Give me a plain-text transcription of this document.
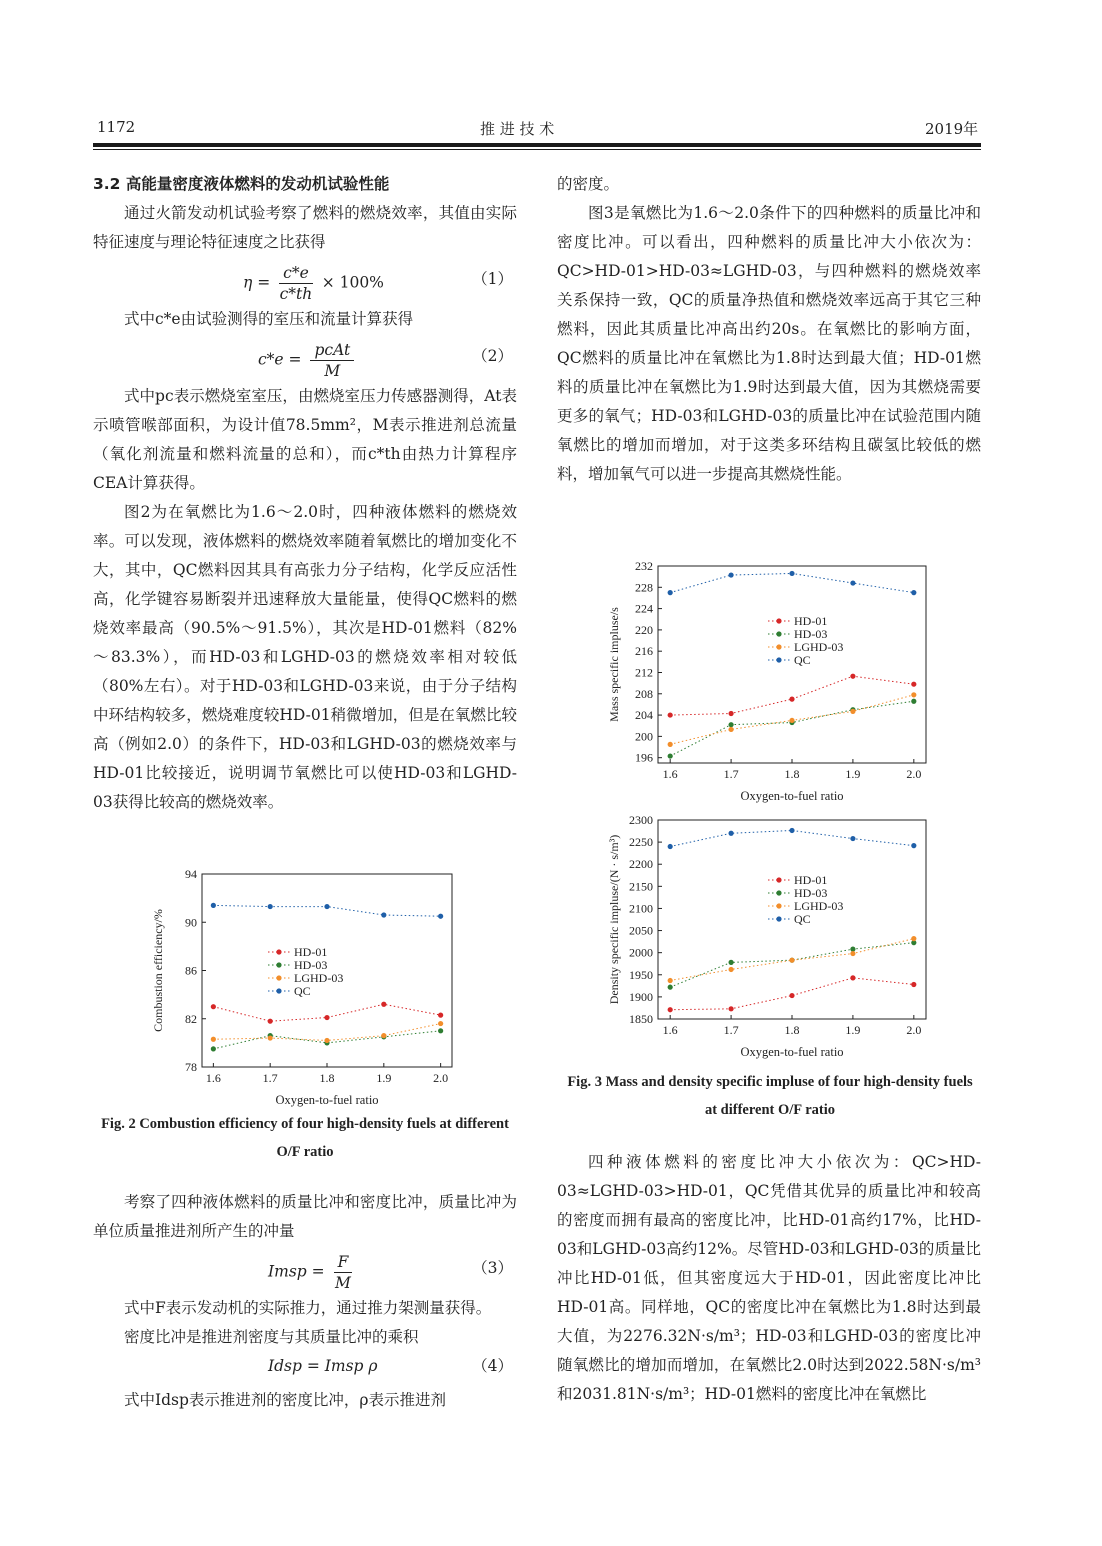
1172	推 进 技 术	2019年

3.2 高能量密度液体燃料的发动机试验性能

通过火箭发动机试验考察了燃料的燃烧效率，其值由实际特征速度与理论特征速度之比获得

$\eta = \frac{c*e}{c*th} \times 100\%$	（1）

式中c*e由试验测得的室压和流量计算获得

$c*e = \frac{\text{pcAt}}{M}$	（2）

式中pc表示燃烧室室压，由燃烧室压力传感器测得，At表示喷管喉部面积，为设计值78.5mm²，M表示推进剂总流量（氧化剂流量和燃料流量的总和），而c*th由热力计算程序CEA计算获得。

图2为在氧燃比为1.6～2.0时，四种液体燃料的燃烧效率。可以发现，液体燃料的燃烧效率随着氧燃比的增加变化不大，其中，QC燃料因其具有高张力分子结构，化学反应活性高，化学键容易断裂并迅速释放大量能量，使得QC燃料的燃烧效率最高（90.5%～91.5%），其次是HD-01燃料（82%～83.3%），而HD-03和LGHD-03的燃烧效率相对较低（80%左右）。对于HD-03和LGHD-03来说，由于分子结构中环结构较多，燃烧难度较HD-01稍微增加，但是在氧燃比较高（例如2.0）的条件下，HD-03和LGHD-03的燃烧效率与HD-01比较接近，说明调节氧燃比可以使HD-03和LGHD-03获得比较高的燃烧效率。

78
82
86
90
94
1.6	1.7	1.8	1.9	2.0
Oxygen-to-fuel ratio
Combustion efficiency/%	HD-01
HD-03
LGHD-03
QC
Fig. 2 Combustion efficiency of four high-density fuels at different O/F ratio

考察了四种液体燃料的质量比冲和密度比冲，质量比冲为单位质量推进剂所产生的冲量

Imsp = $\frac{F}{M}$	（3）

式中F表示发动机的实际推力，通过推力架测量获得。

密度比冲是推进剂密度与其质量比冲的乘积

Idsp = Imsp ρ	（4）

式中Idsp表示推进剂的密度比冲，ρ表示推进剂

的密度。

图3是氧燃比为1.6～2.0条件下的四种燃料的质量比冲和密度比冲。可以看出，四种燃料的质量比冲大小依次为：QC>HD-01>HD-03≈LGHD-03，与四种燃料的燃烧效率关系保持一致，QC的质量净热值和燃烧效率远高于其它三种燃料，因此其质量比冲高出约20s。在氧燃比的影响方面，QC燃料的质量比冲在氧燃比为1.8时达到最大值；HD-01燃料的质量比冲在氧燃比为1.9时达到最大值，因为其燃烧需要更多的氧气；HD-03和LGHD-03的质量比冲在试验范围内随氧燃比的增加而增加，对于这类多环结构且碳氢比较低的燃料，增加氧气可以进一步提高其燃烧性能。

196
200
204
208
212
216
220
224
228
232
1.6	1.7	1.8	1.9	2.0
Oxygen-to-fuel ratio
Mass specific impluse/s	HD-01
HD-03
LGHD-03
QC
1850
1900
1950
2000
2050
2100
2150
2200
2250
2300
1.6	1.7	1.8	1.9	2.0
Oxygen-to-fuel ratio
Density specific impluse/(N · s/m³)	HD-01
HD-03
LGHD-03
QC
Fig. 3 Mass and density specific impluse of four high-density fuels at different O/F ratio

四种液体燃料的密度比冲大小依次为：QC>HD-03≈LGHD-03>HD-01，QC凭借其优异的质量比冲和较高的密度而拥有最高的密度比冲，比HD-01高约17%，比HD-03和LGHD-03高约12%。尽管HD-03和LGHD-03的质量比冲比HD-01低，但其密度远大于HD-01，因此密度比冲比HD-01高。同样地，QC的密度比冲在氧燃比为1.8时达到最大值，为2276.32N·s/m³；HD-03和LGHD-03的密度比冲随氧燃比的增加而增加，在氧燃比2.0时达到2022.58N·s/m³和2031.81N·s/m³；HD-01燃料的密度比冲在氧燃比
